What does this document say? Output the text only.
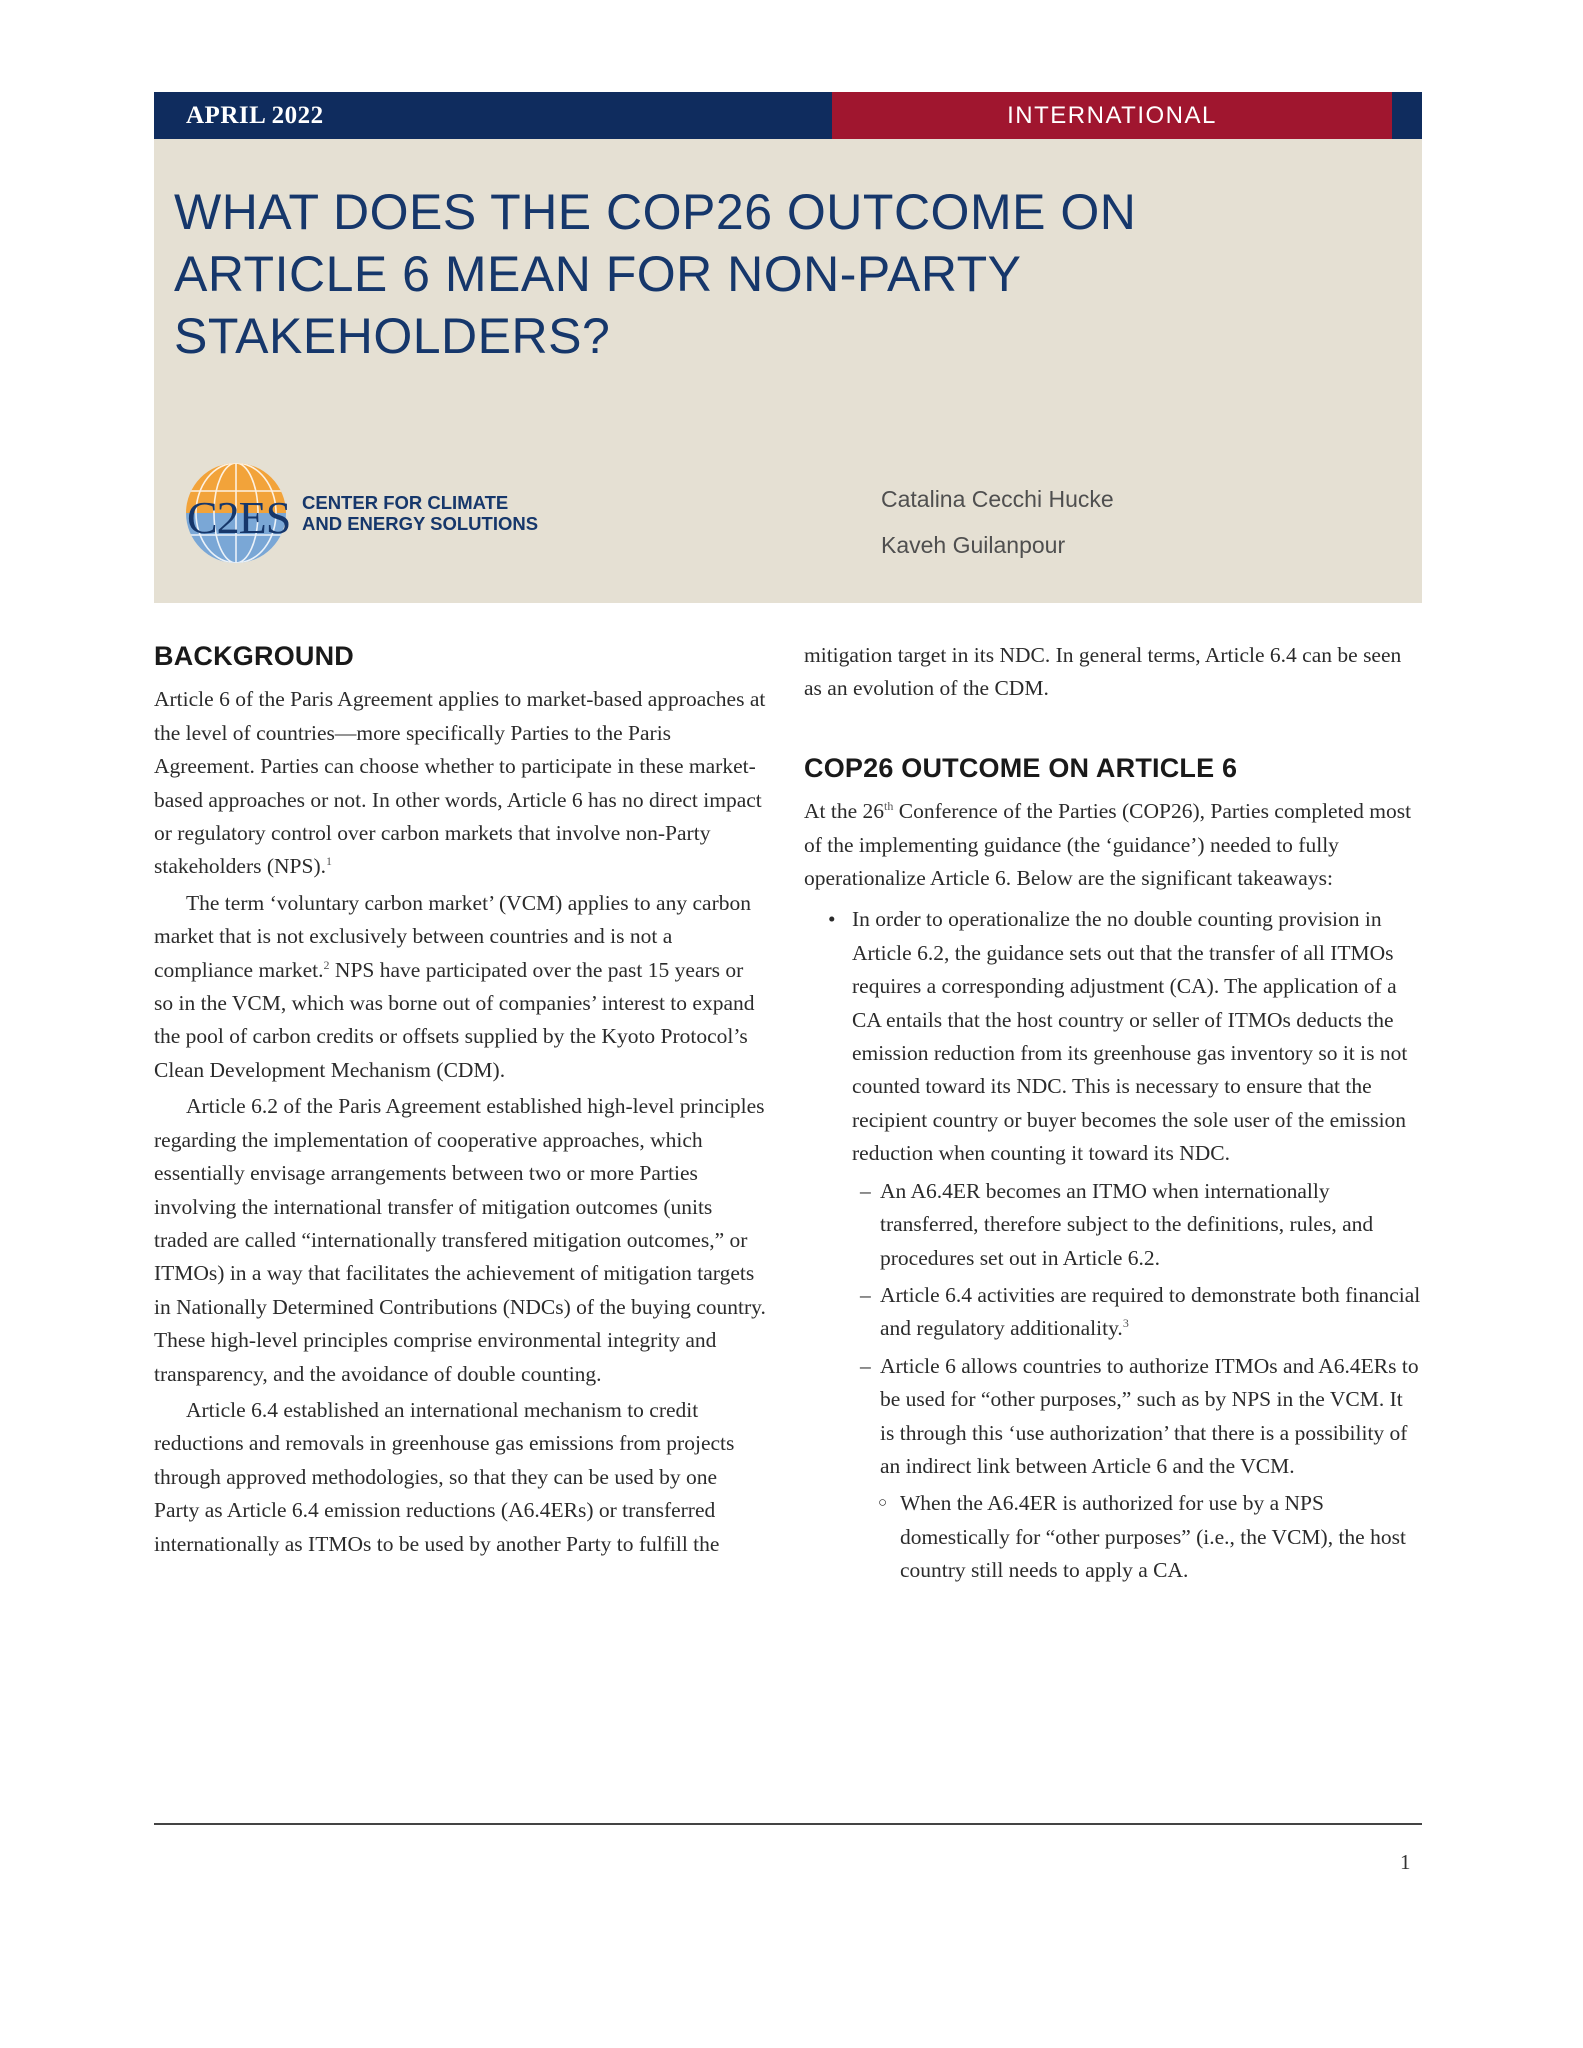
APRIL 2022	INTERNATIONAL
WHAT DOES THE COP26 OUTCOME ON ARTICLE 6 MEAN FOR NON-PARTY STAKEHOLDERS?
C2ES CENTER FOR CLIMATE
AND ENERGY SOLUTIONS
Catalina Cecchi Hucke
Kaveh Guilanpour
BACKGROUND

Article 6 of the Paris Agreement applies to market-based approaches at the level of countries—more specifically Parties to the Paris Agreement. Parties can choose whether to participate in these market-based approaches or not. In other words, Article 6 has no direct impact or regulatory control over carbon markets that involve non-Party stakeholders (NPS).$^1$

The term ‘voluntary carbon market’ (VCM) applies to any carbon market that is not exclusively between countries and is not a compliance market.$^2$ NPS have participated over the past 15 years or so in the VCM, which was borne out of companies’ interest to expand the pool of carbon credits or offsets supplied by the Kyoto Protocol’s Clean Development Mechanism (CDM).

Article 6.2 of the Paris Agreement established high-level principles regarding the implementation of cooperative approaches, which essentially envisage arrangements between two or more Parties involving the international transfer of mitigation outcomes (units traded are called “internationally transfered mitigation outcomes,” or ITMOs) in a way that facilitates the achievement of mitigation targets in Nationally Determined Contributions (NDCs) of the buying country. These high-level principles comprise environmental integrity and transparency, and the avoidance of double counting.

Article 6.4 established an international mechanism to credit reductions and removals in greenhouse gas emissions from projects through approved methodologies, so that they can be used by one Party as Article 6.4 emission reductions (A6.4ERs) or transferred internationally as ITMOs to be used by another Party to fulfill the

mitigation target in its NDC. In general terms, Article 6.4 can be seen as an evolution of the CDM.

COP26 OUTCOME ON ARTICLE 6

At the 26th Conference of the Parties (COP26), Parties completed most of the implementing guidance (the ‘guidance’) needed to fully operationalize Article 6. Below are the significant takeaways:

• In order to operationalize the no double counting provision in Article 6.2, the guidance sets out that the transfer of all ITMOs requires a corresponding adjustment (CA). The application of a CA entails that the host country or seller of ITMOs deducts the emission reduction from its greenhouse gas inventory so it is not counted toward its NDC. This is necessary to ensure that the recipient country or buyer becomes the sole user of the emission reduction when counting it toward its NDC.
– An A6.4ER becomes an ITMO when internationally transferred, therefore subject to the definitions, rules, and procedures set out in Article 6.2.
– Article 6.4 activities are required to demonstrate both financial and regulatory additionality.$^3$
– Article 6 allows countries to authorize ITMOs and A6.4ERs to be used for “other purposes,” such as by NPS in the VCM. It is through this ‘use authorization’ that there is a possibility of an indirect link between Article 6 and the VCM.
○ When the A6.4ER is authorized for use by a NPS domestically for “other purposes” (i.e., the VCM), the host country still needs to apply a CA.
1
